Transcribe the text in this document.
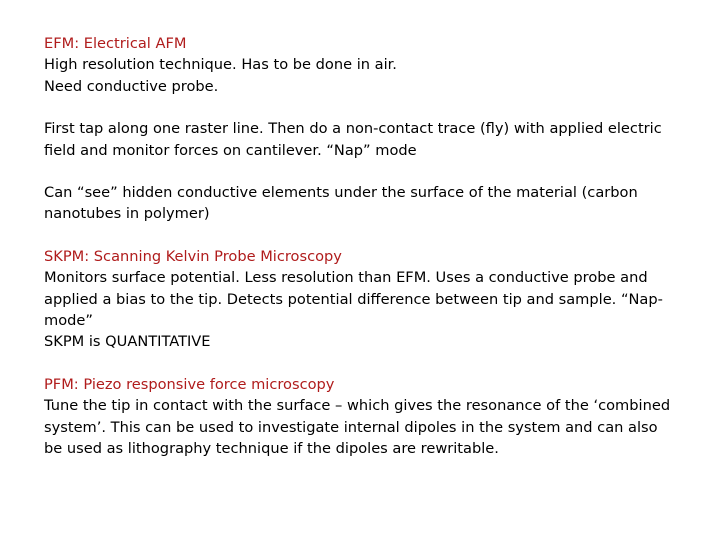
EFM: Electrical AFM
High resolution technique. Has to be done in air.
Need conductive probe.
First tap along one raster line. Then do a non-contact trace (fly) with applied electric field and monitor forces on cantilever. “Nap” mode
Can “see” hidden conductive elements under the surface of the material (carbon nanotubes in polymer)
SKPM: Scanning Kelvin Probe Microscopy
Monitors surface potential. Less resolution than EFM. Uses a conductive probe and applied a bias to the tip. Detects potential difference between tip and sample. “Nap-mode”
SKPM is QUANTITATIVE
PFM: Piezo responsive force microscopy
Tune the tip in contact with the surface – which gives the resonance of the ‘combined system’. This can be used to investigate internal dipoles in the system and can also be used as lithography technique if the dipoles are rewritable.
